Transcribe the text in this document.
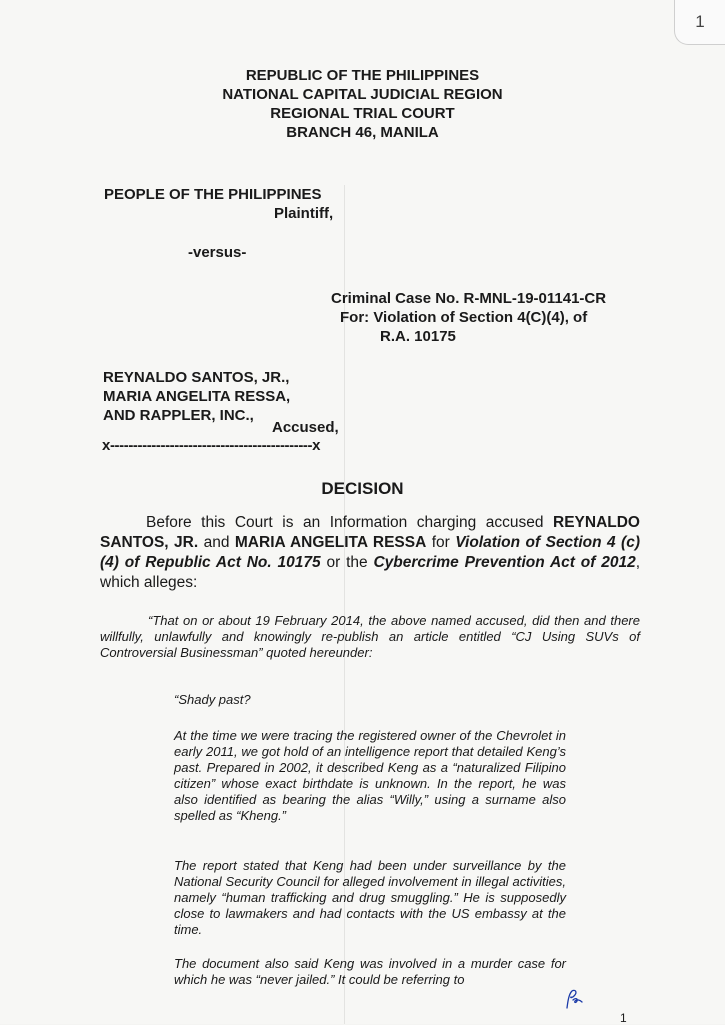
1
REPUBLIC OF THE PHILIPPINES
NATIONAL CAPITAL JUDICIAL REGION
REGIONAL TRIAL COURT
BRANCH 46, MANILA
PEOPLE OF THE PHILIPPINES
Plaintiff,
-versus-
Criminal Case No. R-MNL-19-01141-CR
For: Violation of Section 4(C)(4), of
R.A. 10175
REYNALDO SANTOS, JR.,
MARIA ANGELITA RESSA,
AND RAPPLER, INC.,
Accused,
x--------------------------------------------x
DECISION
Before this Court is an Information charging accused REYNALDO SANTOS, JR. and MARIA ANGELITA RESSA for Violation of Section 4 (c)(4) of Republic Act No. 10175 or the Cybercrime Prevention Act of 2012, which alleges:
“That on or about 19 February 2014, the above named accused, did then and there willfully, unlawfully and knowingly re-publish an article entitled “CJ Using SUVs of Controversial Businessman” quoted hereunder:
“Shady past?
At the time we were tracing the registered owner of the Chevrolet in early 2011, we got hold of an intelligence report that detailed Keng’s past. Prepared in 2002, it described Keng as a “naturalized Filipino citizen” whose exact birthdate is unknown. In the report, he was also identified as bearing the alias “Willy,” using a surname also spelled as “Kheng.”
The report stated that Keng had been under surveillance by the National Security Council for alleged involvement in illegal activities, namely “human trafficking and drug smuggling.” He is supposedly close to lawmakers and had contacts with the US embassy at the time.
The document also said Keng was involved in a murder case for which he was “never jailed.” It could be referring to
1
